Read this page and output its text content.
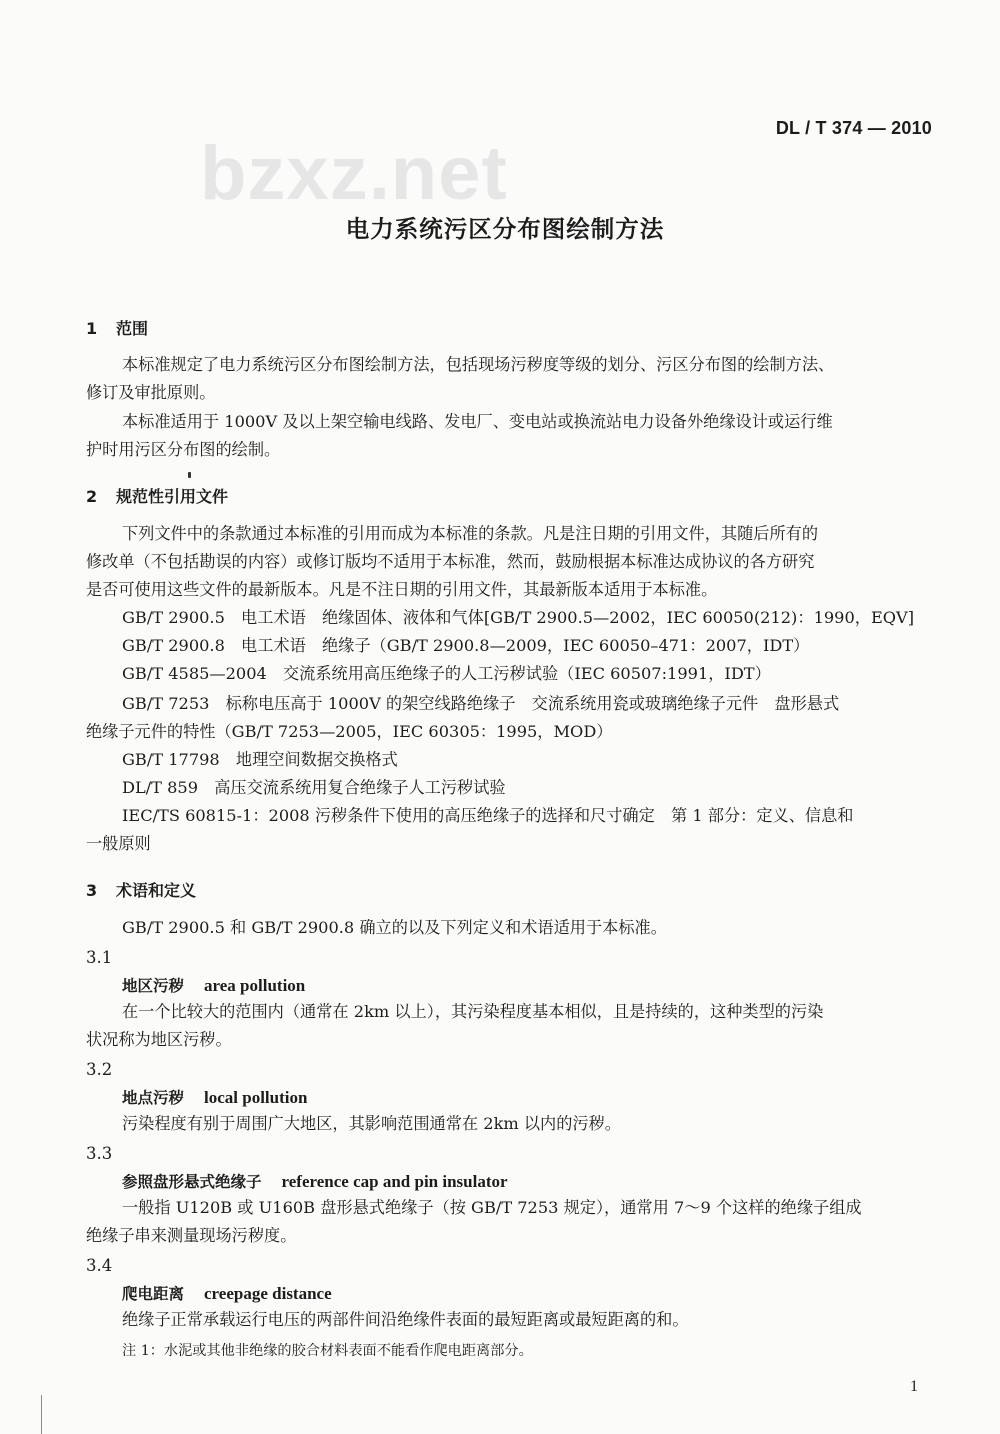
bzxz.net
DL / T 374 — 2010
电力系统污区分布图绘制方法
1 范围
本标准规定了电力系统污区分布图绘制方法，包括现场污秽度等级的划分、污区分布图的绘制方法、
修订及审批原则。
本标准适用于 1000V 及以上架空输电线路、发电厂、变电站或换流站电力设备外绝缘设计或运行维
护时用污区分布图的绘制。
2 规范性引用文件
下列文件中的条款通过本标准的引用而成为本标准的条款。凡是注日期的引用文件，其随后所有的
修改单（不包括勘误的内容）或修订版均不适用于本标准，然而，鼓励根据本标准达成协议的各方研究
是否可使用这些文件的最新版本。凡是不注日期的引用文件，其最新版本适用于本标准。
GB/T 2900.5　电工术语　绝缘固体、液体和气体[GB/T 2900.5—2002，IEC 60050(212)：1990，EQV]
GB/T 2900.8　电工术语　绝缘子（GB/T 2900.8—2009，IEC 60050–471：2007，IDT）
GB/T 4585—2004　交流系统用高压绝缘子的人工污秽试验（IEC 60507:1991，IDT）
GB/T 7253　标称电压高于 1000V 的架空线路绝缘子　交流系统用瓷或玻璃绝缘子元件　盘形悬式
绝缘子元件的特性（GB/T 7253—2005，IEC 60305：1995，MOD）
GB/T 17798　地理空间数据交换格式
DL/T 859　高压交流系统用复合绝缘子人工污秽试验
IEC/TS 60815-1：2008 污秽条件下使用的高压绝缘子的选择和尺寸确定　第 1 部分：定义、信息和
一般原则
3 术语和定义
GB/T 2900.5 和 GB/T 2900.8 确立的以及下列定义和术语适用于本标准。
3.1
地区污秽 area pollution
在一个比较大的范围内（通常在 2km 以上），其污染程度基本相似，且是持续的，这种类型的污染
状况称为地区污秽。
3.2
地点污秽 local pollution
污染程度有别于周围广大地区，其影响范围通常在 2km 以内的污秽。
3.3
参照盘形悬式绝缘子 reference cap and pin insulator
一般指 U120B 或 U160B 盘形悬式绝缘子（按 GB/T 7253 规定），通常用 7～9 个这样的绝缘子组成
绝缘子串来测量现场污秽度。
3.4
爬电距离 creepage distance
绝缘子正常承载运行电压的两部件间沿绝缘件表面的最短距离或最短距离的和。
注 1：水泥或其他非绝缘的胶合材料表面不能看作爬电距离部分。
1
